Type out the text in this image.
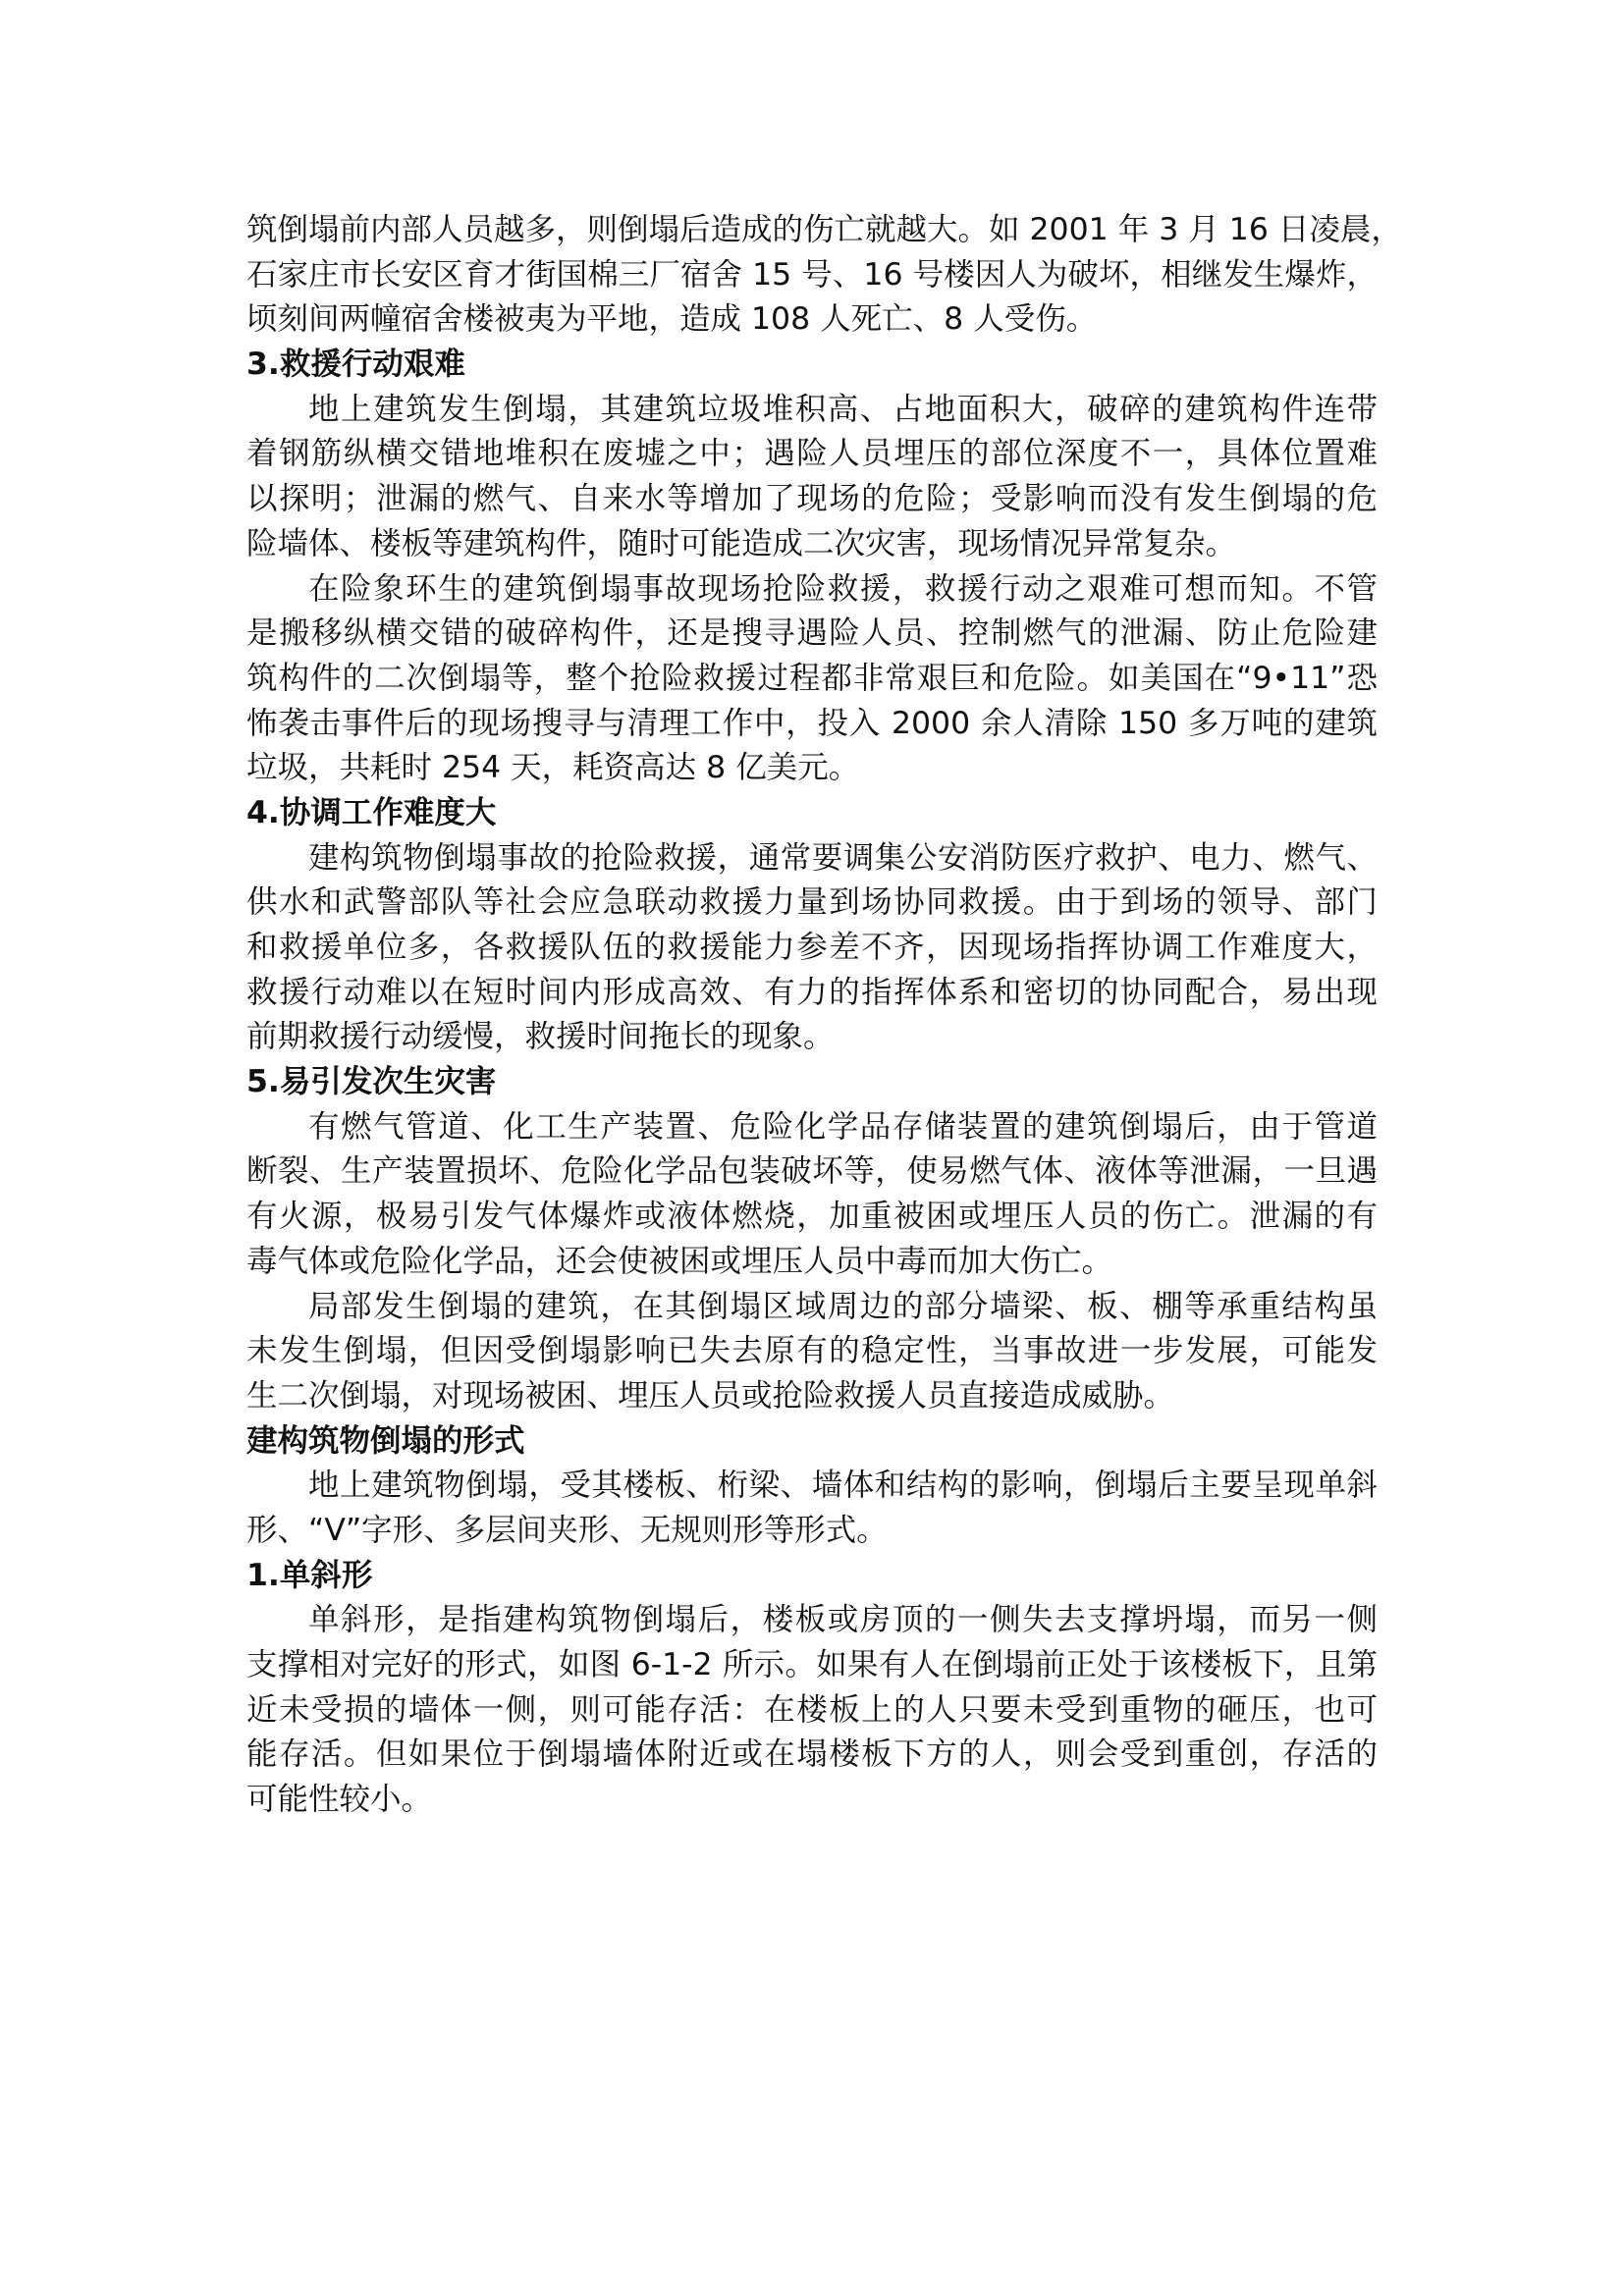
筑倒塌前内部人员越多，则倒塌后造成的伤亡就越大。如 2001 年 3 月 16 日凌晨，
石家庄市长安区育才街国棉三厂宿舍 15 号、16 号楼因人为破坏，相继发生爆炸，
顷刻间两幢宿舍楼被夷为平地，造成 108 人死亡、8 人受伤。
3.救援行动艰难
地上建筑发生倒塌，其建筑垃圾堆积高、占地面积大，破碎的建筑构件连带
着钢筋纵横交错地堆积在废墟之中；遇险人员埋压的部位深度不一，具体位置难
以探明；泄漏的燃气、自来水等增加了现场的危险；受影响而没有发生倒塌的危
险墙体、楼板等建筑构件，随时可能造成二次灾害，现场情况异常复杂。
在险象环生的建筑倒塌事故现场抢险救援，救援行动之艰难可想而知。不管
是搬移纵横交错的破碎构件，还是搜寻遇险人员、控制燃气的泄漏、防止危险建
筑构件的二次倒塌等，整个抢险救援过程都非常艰巨和危险。如美国在“9•11”恐
怖袭击事件后的现场搜寻与清理工作中，投入 2000 余人清除 150 多万吨的建筑
垃圾，共耗时 254 天，耗资高达 8 亿美元。
4.协调工作难度大
建构筑物倒塌事故的抢险救援，通常要调集公安消防医疗救护、电力、燃气、
供水和武警部队等社会应急联动救援力量到场协同救援。由于到场的领导、部门
和救援单位多，各救援队伍的救援能力参差不齐，因现场指挥协调工作难度大，
救援行动难以在短时间内形成高效、有力的指挥体系和密切的协同配合，易出现
前期救援行动缓慢，救援时间拖长的现象。
5.易引发次生灾害
有燃气管道、化工生产装置、危险化学品存储装置的建筑倒塌后，由于管道
断裂、生产装置损坏、危险化学品包装破坏等，使易燃气体、液体等泄漏，一旦遇
有火源，极易引发气体爆炸或液体燃烧，加重被困或埋压人员的伤亡。泄漏的有
毒气体或危险化学品，还会使被困或埋压人员中毒而加大伤亡。
局部发生倒塌的建筑，在其倒塌区域周边的部分墙梁、板、棚等承重结构虽
未发生倒塌，但因受倒塌影响已失去原有的稳定性，当事故进一步发展，可能发
生二次倒塌，对现场被困、埋压人员或抢险救援人员直接造成威胁。
建构筑物倒塌的形式
地上建筑物倒塌，受其楼板、桁梁、墙体和结构的影响，倒塌后主要呈现单斜
形、“V”字形、多层间夹形、无规则形等形式。
1.单斜形
单斜形，是指建构筑物倒塌后，楼板或房顶的一侧失去支撑坍塌，而另一侧
支撑相对完好的形式，如图 6-1-2 所示。如果有人在倒塌前正处于该楼板下，且第
近未受损的墙体一侧，则可能存活：在楼板上的人只要未受到重物的砸压，也可
能存活。但如果位于倒塌墙体附近或在塌楼板下方的人，则会受到重创，存活的
可能性较小。
